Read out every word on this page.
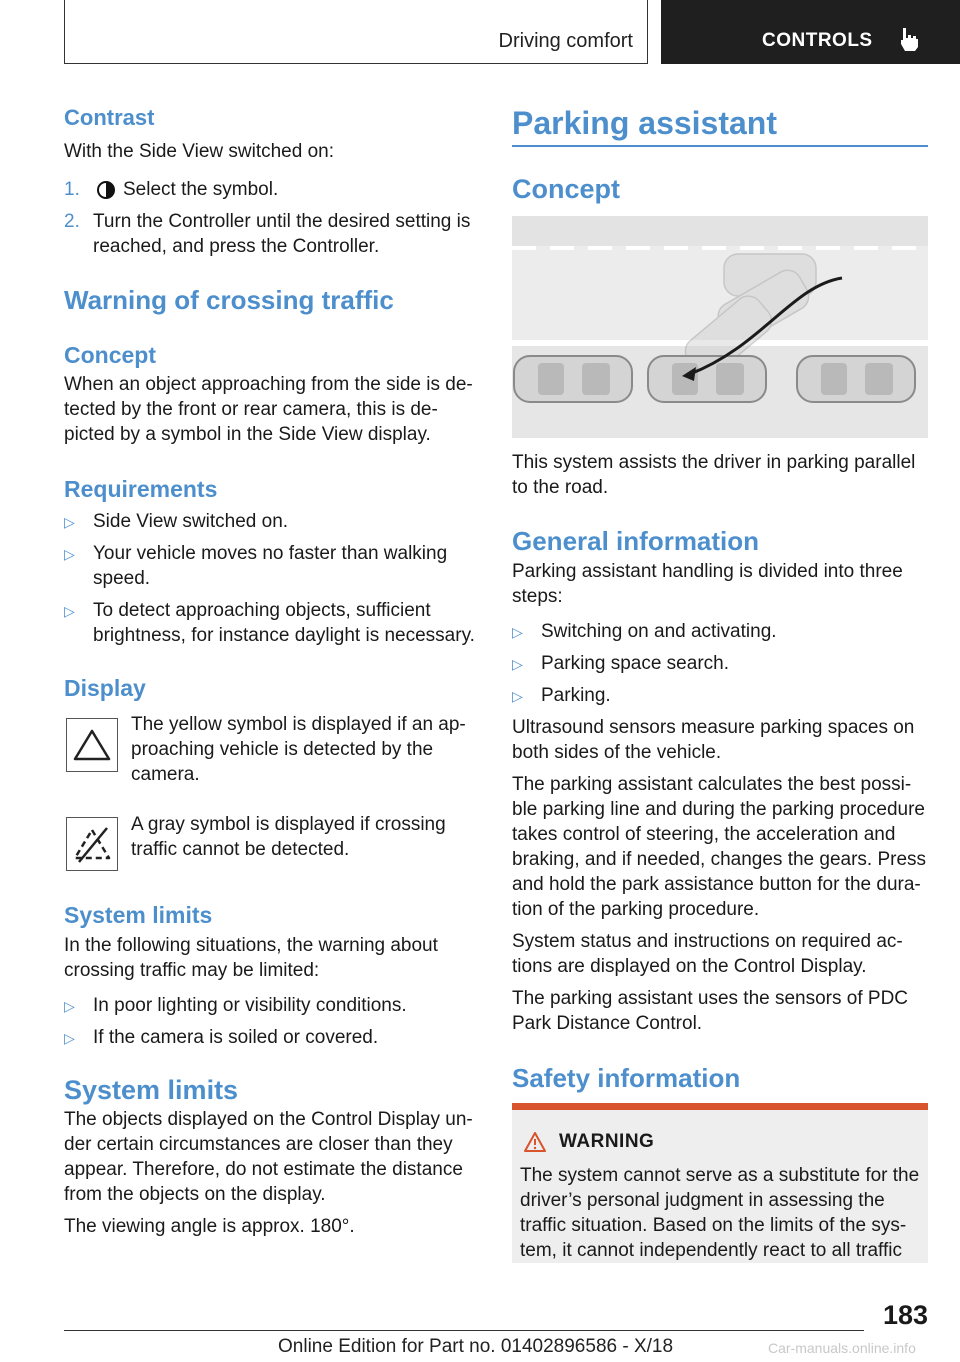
Driving comfort	CONTROLS

Contrast

With the Side View switched on:

1. Select the symbol.
2. Turn the Controller until the desired setting is
reached, and press the Controller.
Warning of crossing traffic

Concept

When an object approaching from the side is de-

tected by the front or rear camera, this is de-

picted by a symbol in the Side View display.

Requirements
▷ Side View switched on.
▷ Your vehicle moves no faster than walking
speed.
▷ To detect approaching objects, sufficient
brightness, for instance daylight is necessary.
Display

The yellow symbol is displayed if an ap-

proaching vehicle is detected by the

camera.

A gray symbol is displayed if crossing

traffic cannot be detected.

System limits

In the following situations, the warning about

crossing traffic may be limited:

▷ In poor lighting or visibility conditions.
▷ If the camera is soiled or covered.

System limits

The objects displayed on the Control Display un-

der certain circumstances are closer than they

appear. Therefore, do not estimate the distance

from the objects on the display.

The viewing angle is approx. 180°.

Parking assistant
Concept

This system assists the driver in parking parallel

to the road.

General information

Parking assistant handling is divided into three

steps:

▷ Switching on and activating.
▷ Parking space search.
▷ Parking.

Ultrasound sensors measure parking spaces on

both sides of the vehicle.

The parking assistant calculates the best possi-

ble parking line and during the parking procedure

takes control of steering, the acceleration and

braking, and if needed, changes the gears. Press

and hold the park assistance button for the dura-

tion of the parking procedure.

System status and instructions on required ac-

tions are displayed on the Control Display.

The parking assistant uses the sensors of PDC

Park Distance Control.

Safety information
WARNING
The system cannot serve as a substitute for the
driver’s personal judgment in assessing the
traffic situation. Based on the limits of the sys-
tem, it cannot independently react to all traffic
183
Online Edition for Part no. 01402896586 - X/18	Car-manuals.online.info
